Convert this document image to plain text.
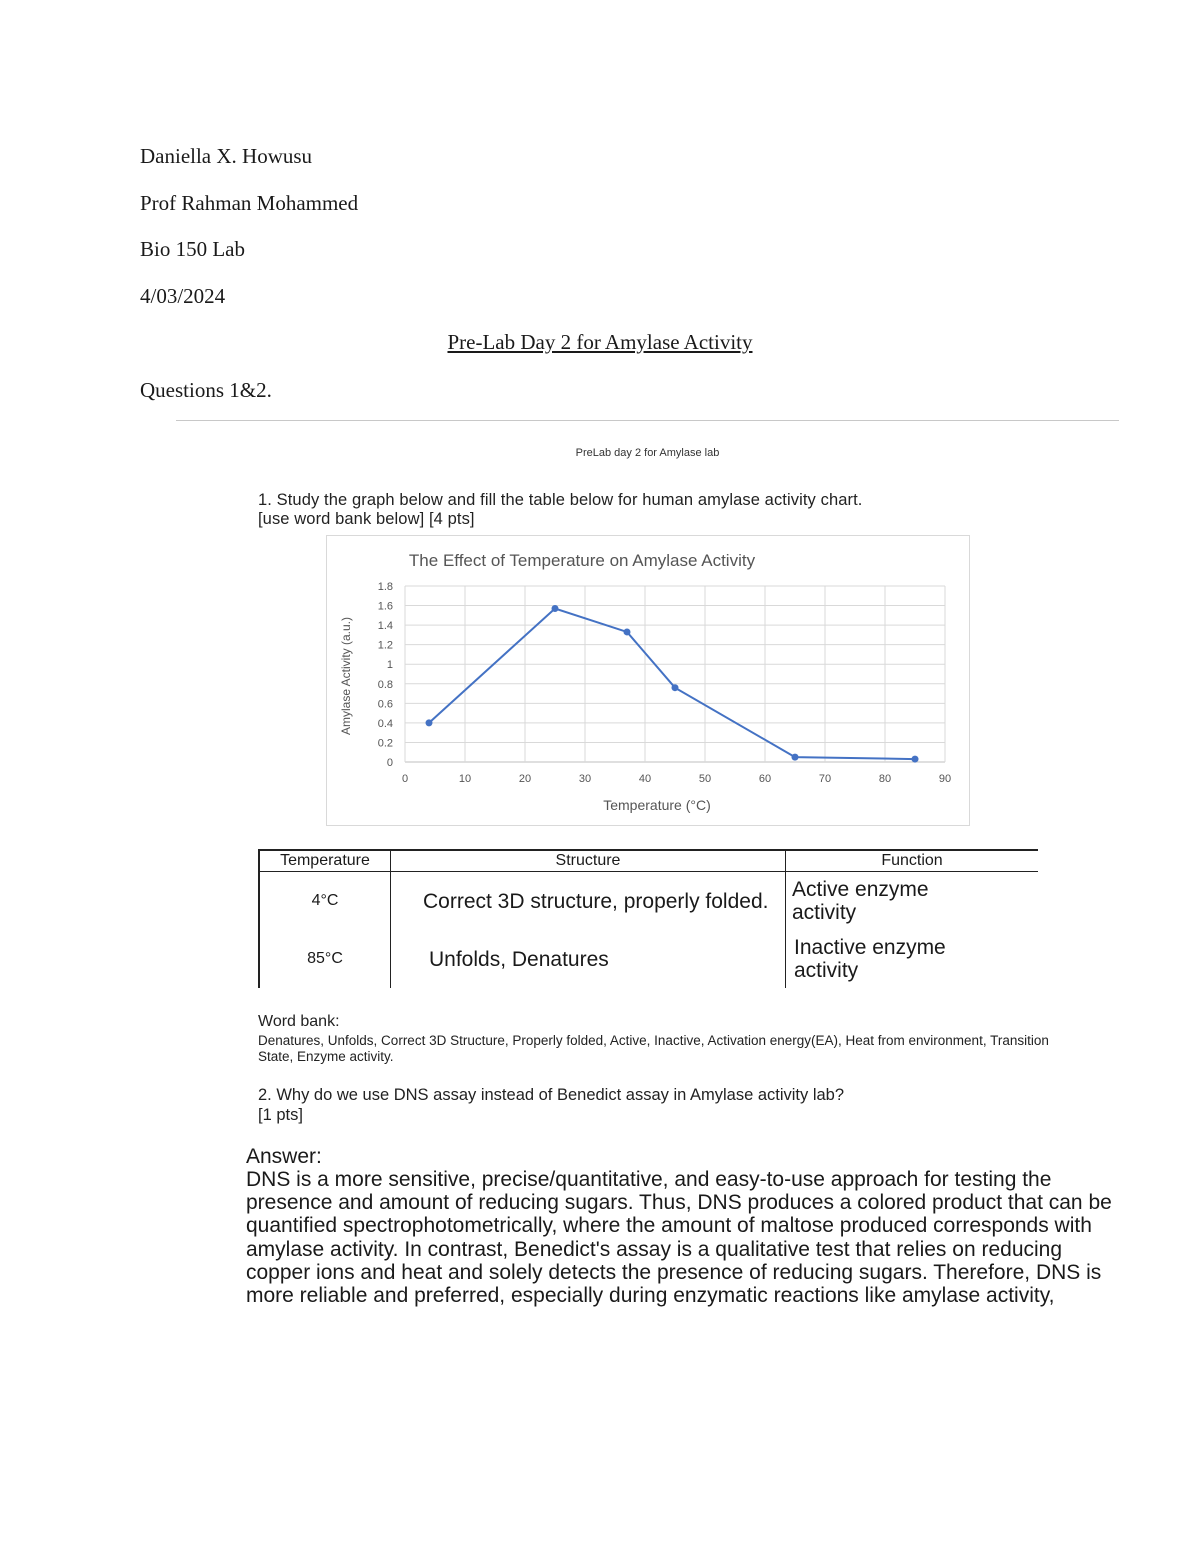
Daniella X. Howusu
Prof Rahman Mohammed
Bio 150 Lab
4/03/2024
Pre-Lab Day 2 for Amylase Activity
Questions 1&2.
PreLab day 2 for Amylase lab
1. Study the graph below and fill the table below for human amylase activity chart.
[use word bank below] [4 pts]
The Effect of Temperature on Amylase Activity
0
0.2
0.4
0.6
0.8
1
1.2
1.4
1.6
1.8
0	10	20	30	40	50	60	70	80	90
Temperature (°C)
Amylase Activity (a.u.)
Temperature	Structure	Function
4°C	Correct 3D structure, properly folded.	Active enzyme activity

85°C	Unfolds, Denatures	Inactive enzyme activity
Word bank:
Denatures, Unfolds, Correct 3D Structure, Properly folded, Active, Inactive, Activation energy(EA), Heat from environment, Transition State, Enzyme activity.
2. Why do we use DNS assay instead of Benedict assay in Amylase activity lab?
[1 pts]
Answer:
DNS is a more sensitive, precise/quantitative, and easy-to-use approach for testing the presence and amount of reducing sugars. Thus, DNS produces a colored product that can be quantified spectrophotometrically, where the amount of maltose produced corresponds with amylase activity. In contrast, Benedict's assay is a qualitative test that relies on reducing copper ions and heat and solely detects the presence of reducing sugars. Therefore, DNS is more reliable and preferred, especially during enzymatic reactions like amylase activity,
